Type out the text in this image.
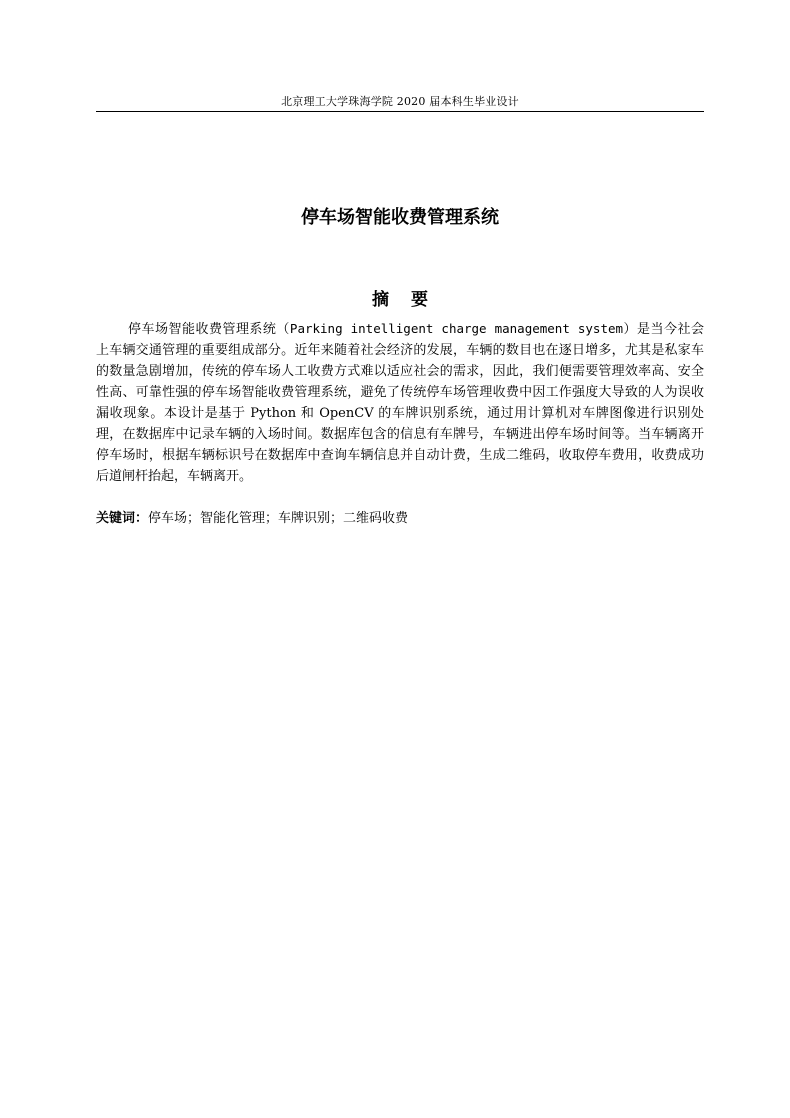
北京理工大学珠海学院 2020 届本科生毕业设计
停车场智能收费管理系统
摘 要

停车场智能收费管理系统（Parking intelligent charge management system）是当今社会上车辆交通管理的重要组成部分。近年来随着社会经济的发展，车辆的数目也在逐日增多，尤其是私家车的数量急剧增加，传统的停车场人工收费方式难以适应社会的需求，因此，我们便需要管理效率高、安全性高、可靠性强的停车场智能收费管理系统，避免了传统停车场管理收费中因工作强度大导致的人为误收漏收现象。本设计是基于 Python 和 OpenCV 的车牌识别系统，通过用计算机对车牌图像进行识别处理，在数据库中记录车辆的入场时间。数据库包含的信息有车牌号，车辆进出停车场时间等。当车辆离开停车场时，根据车辆标识号在数据库中查询车辆信息并自动计费，生成二维码，收取停车费用，收费成功后道闸杆抬起，车辆离开。

关键词：停车场；智能化管理；车牌识别；二维码收费
